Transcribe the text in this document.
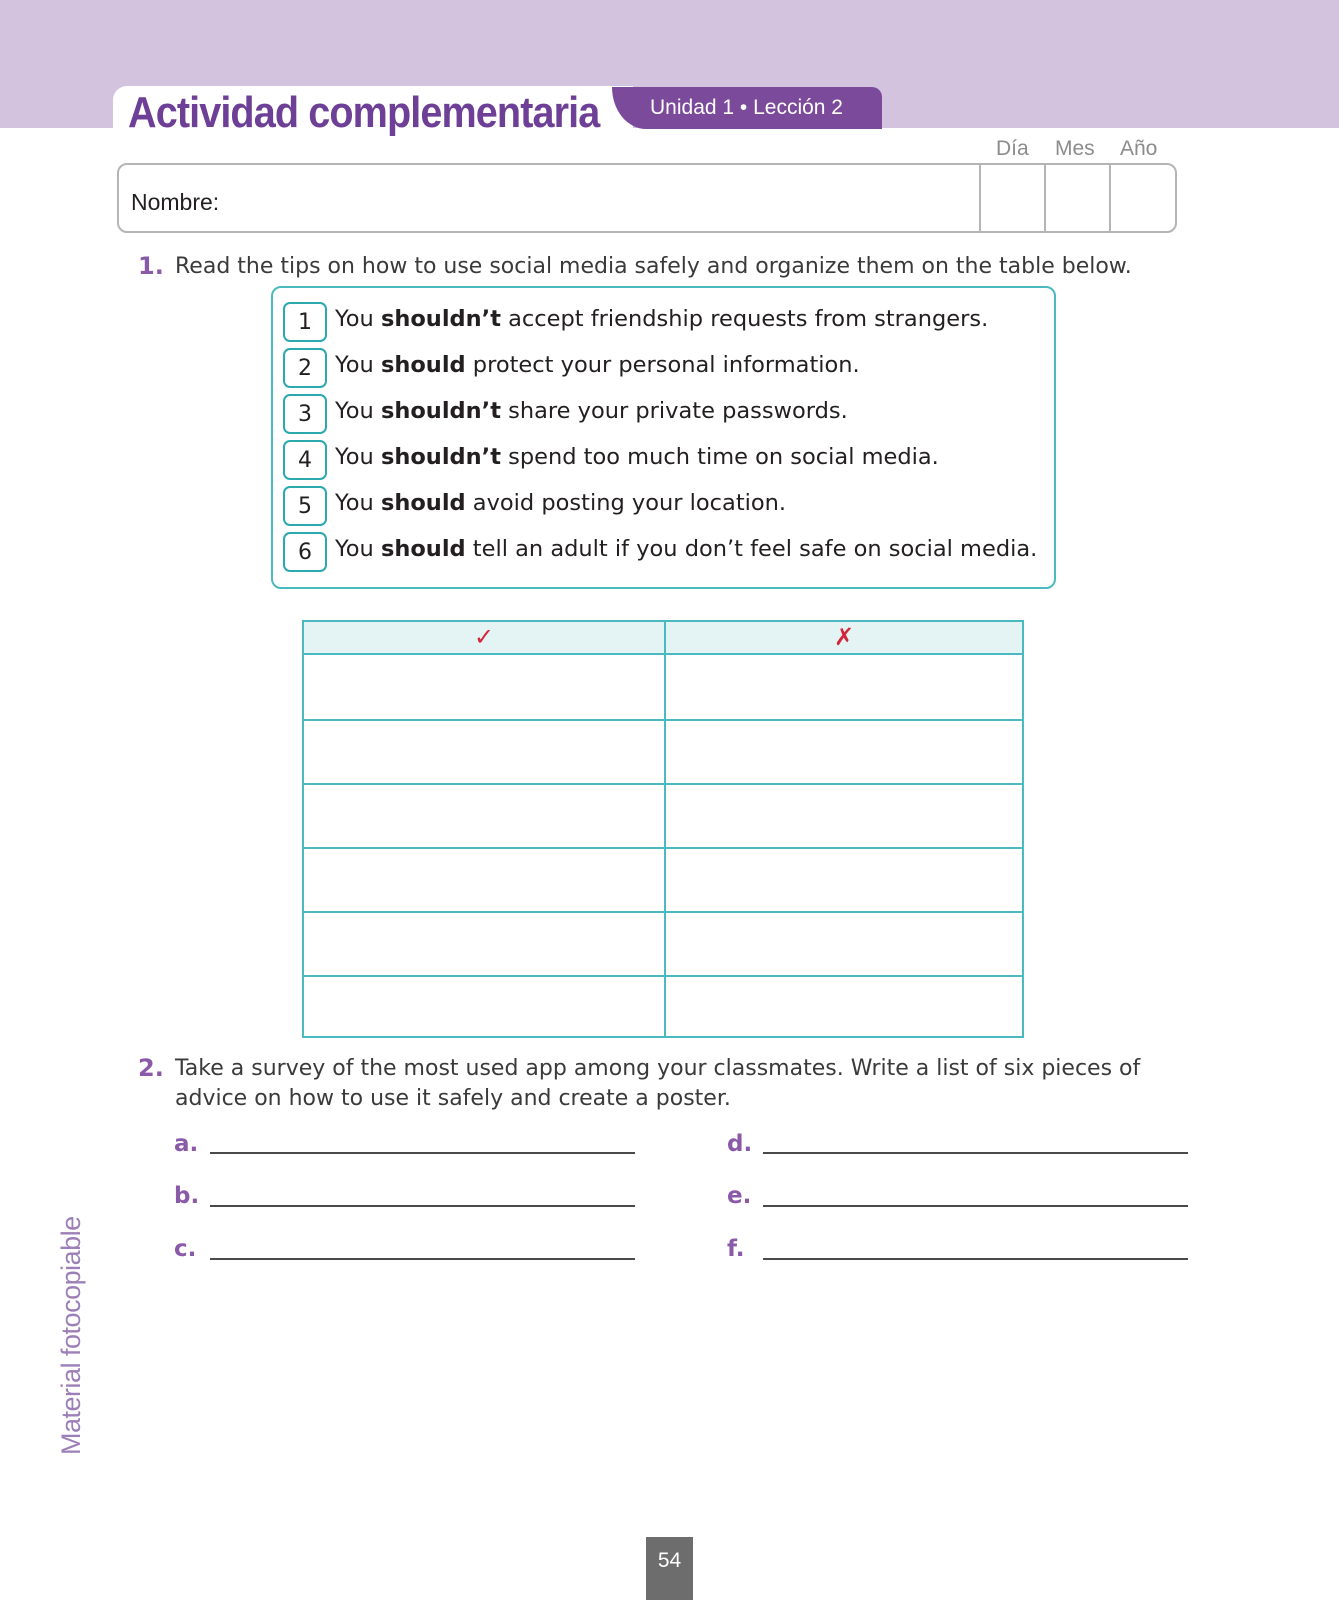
Actividad complementaria	Unidad 1 • Lección 2
Día Mes Año
Nombre:
1. Read the tips on how to use social media safely and organize them on the table below.
1	You shouldn’t accept friendship requests from strangers.
2	You should protect your personal information.
3	You shouldn’t share your private passwords.
4	You shouldn’t spend too much time on social media.
5	You should avoid posting your location.
6	You should tell an adult if you don’t feel safe on social media.
✓	✗
2. Take a survey of the most used app among your classmates. Write a list of six pieces of
advice on how to use it safely and create a poster.
a.
b.
c.
d.
e.
f.
Material fotocopiable
54
